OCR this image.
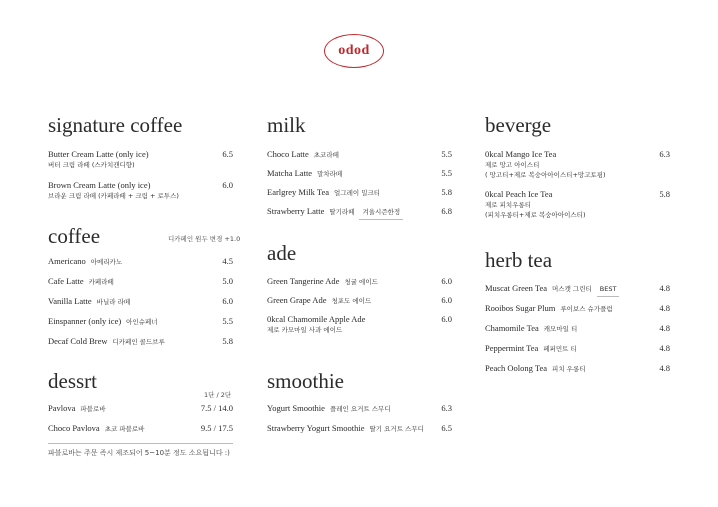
odod
signature coffee
Butter Cream Latte (only ice)	6.5
버터 크림 라떼 (스카치캔디향)
Brown Cream Latte (only ice)	6.0
브라운 크림 라떼 (카페라떼 + 크림 + 로투스)
coffee	디카페인 원두 변경 +1.0
Americano 아메리카노	4.5
Cafe Latte 카페라떼	5.0
Vanilla Latte 바닐라 라떼	6.0
Einspanner (only ice) 아인슈페너	5.5
Decaf Cold Brew 디카페인 콜드브루	5.8
dessrt
1단 / 2단
Pavlova 파블로바	7.5 / 14.0
Choco Pavlova 초코 파블로바	9.5 / 17.5
파블로바는 주문 즉시 제조되어 5~10분 정도 소요됩니다 :)
milk
Choco Latte 초코라떼	5.5
Matcha Latte 말차라떼	5.5
Earlgrey Milk Tea 얼그레이 밀크티	5.8
Strawberry Latte 딸기라떼	겨울시즌한정	6.8
ade
Green Tangerine Ade 청귤 에이드	6.0
Green Grape Ade 청포도 에이드	6.0
0kcal Chamomile Apple Ade	6.0
제로 카모마일 사과 에이드
smoothie
Yogurt Smoothie 플레인 요거트 스무디	6.3
Strawberry Yogurt Smoothie 딸기 요거트 스무디	6.5
beverge
0kcal Mango Ice Tea	6.3
제로 망고 아이스티
( 망고티+제로 복숭아아이스티+망고토핑)
0kcal Peach Ice Tea	5.8
제로 피치우롱티
(피치우롱티+제로 복숭아아이스티)
herb tea
Muscat Green Tea 머스캣 그린티	BEST	4.8
Rooibos Sugar Plum 루이보스 슈가플럼	4.8
Chamomile Tea 캐모마일 티	4.8
Peppermint Tea 페퍼민트 티	4.8
Peach Oolong Tea 피치 우롱티	4.8
